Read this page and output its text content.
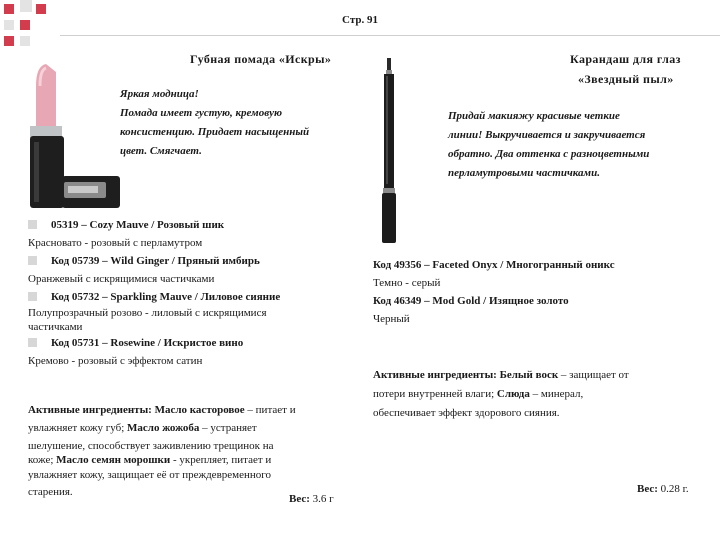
Стр. 91
Губная помада «Искры»
Яркая модница!
Помада имеет густую, кремовую
консистенцию. Придает насыщенный
цвет. Смягчает.
Карандаш для глаз
«Звездный пыл»
Придай макияжу красивые четкие
линии! Выкручивается и закручивается
обратно. Два оттенка с разноцветными
перламутровыми частичками.
05319 – Cozy Mauve / Розовый шик
Красновато - розовый с перламутром
Код 05739 – Wild Ginger / Пряный имбирь
Оранжевый с искрящимися частичками
Код 05732 – Sparkling Mauve / Лиловое сияние
Полупрозрачный розово - лиловый с искрящимися
частичками
Код 05731 – Rosewine / Искристое вино
Кремово - розовый с эффектом сатин
Код 49356 – Faceted Onyx / Многогранный оникс
Темно - серый
Код 46349 – Mod Gold / Изящное золото
Черный
Активные ингредиенты: Масло касторовое – питает и
увлажняет кожу губ; Масло жожоба – устраняет
шелушение, способствует заживлению трещинок на
коже; Масло семян морошки - укрепляет, питает и
увлажняет кожу, защищает её от преждевременного
старения.
Вес: 3.6 г
Активные ингредиенты: Белый воск – защищает от
потери внутренней влаги; Слюда – минерал,
обеспечивает эффект здорового сияния.
Вес: 0.28 г.
